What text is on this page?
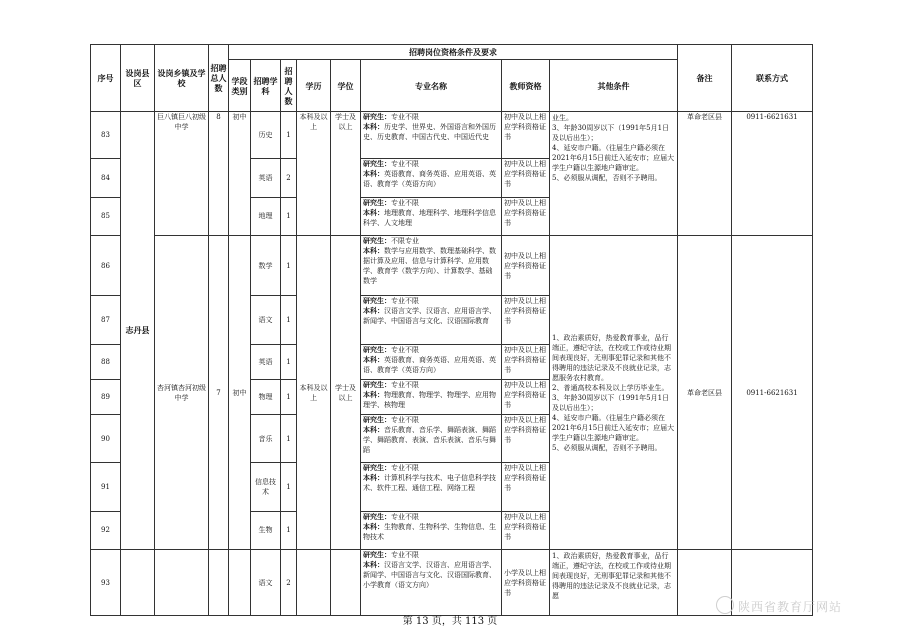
序号	设岗县区	设岗乡镇及学校	招聘总人数	招聘岗位资格条件及要求								备注	联系方式
				学段类别	招聘学科	招聘人数	学历	学位	专业名称	教师资格	其他条件		
83	志丹县	巨八镇巨八初级中学	8	初中	历史	1	本科及以上	学士及以上	研究生：专业不限
本科：历史学、世界史、外国语言和外国历史、历史教育、中国古代史、中国近代史	初中及以上相应学科资格证书	业生。
3、年龄30周岁以下（1991年5月1日及以后出生）；
4、延安市户籍。（往届生户籍必须在2021年6月15日前迁入延安市；应届大学生户籍以生源地户籍审定。
5、必须服从调配，否则不予聘用。	革命老区县	0911-6621631
84					英语	2			研究生：专业不限
本科：英语教育、商务英语、应用英语、英语、教育学（英语方向）	初中及以上相应学科资格证书			
85					地理	1			研究生：专业不限
本科：地理教育、地理科学、地理科学信息科学、人文地理	初中及以上相应学科资格证书			
86		杏河镇杏河初级中学	7	初中	数学	1	本科及以上	学士及以上	研究生：不限专业
本科：数学与应用数学、数理基础科学、数据计算及应用、信息与计算科学、应用数学、教育学（数学方向）、计算数学、基础数学	初中及以上相应学科资格证书	1、政治素质好，热爱教育事业，品行端正，遵纪守法，在校或工作或待业期间表现良好，无刑事犯罪记录和其他不得聘用的违法记录及不良就业记录，志愿服务农村教育。
2、普通高校本科及以上学历毕业生。
3、年龄30周岁以下（1991年5月1日及以后出生）；
4、延安市户籍。（往届生户籍必须在2021年6月15日前迁入延安市；应届大学生户籍以生源地户籍审定。
5、必须服从调配，否则不予聘用。	革命老区县	0911-6621631
87					语文	1			研究生：专业不限
本科：汉语言文学、汉语言、应用语言学、新闻学、中国语言与文化、汉语国际教育	初中及以上相应学科资格证书			
88					英语	1			研究生：专业不限
本科：英语教育、商务英语、应用英语、英语、教育学（英语方向）	初中及以上相应学科资格证书			
89					物理	1			研究生：专业不限
本科：物理教育、物理学、物理学、应用物理学、核物理	初中及以上相应学科资格证书			
90					音乐	1			研究生：专业不限
本科：音乐教育、音乐学、舞蹈表演、舞蹈学、舞蹈教育、表演、音乐表演、音乐与舞蹈	初中及以上相应学科资格证书			
91					信息技术	1			研究生：专业不限
本科：计算机科学与技术、电子信息科学技术、软件工程、通信工程、网络工程	初中及以上相应学科资格证书			
92					生物	1			研究生：专业不限
本科：生物教育、生物科学、生物信息、生物技术	初中及以上相应学科资格证书			
93					语文	2			研究生：专业不限
本科：汉语言文学、汉语言、应用语言学、新闻学、中国语言与文化、汉语国际教育、小学教育（语文方向）	小学及以上相应学科资格证书	1、政治素质好，热爱教育事业，品行端正，遵纪守法，在校或工作或待业期间表现良好，无刑事犯罪记录和其他不得聘用的违法记录及不良就业记录，志愿		
第 13 页，共 113 页
陕西省教育厅网站
